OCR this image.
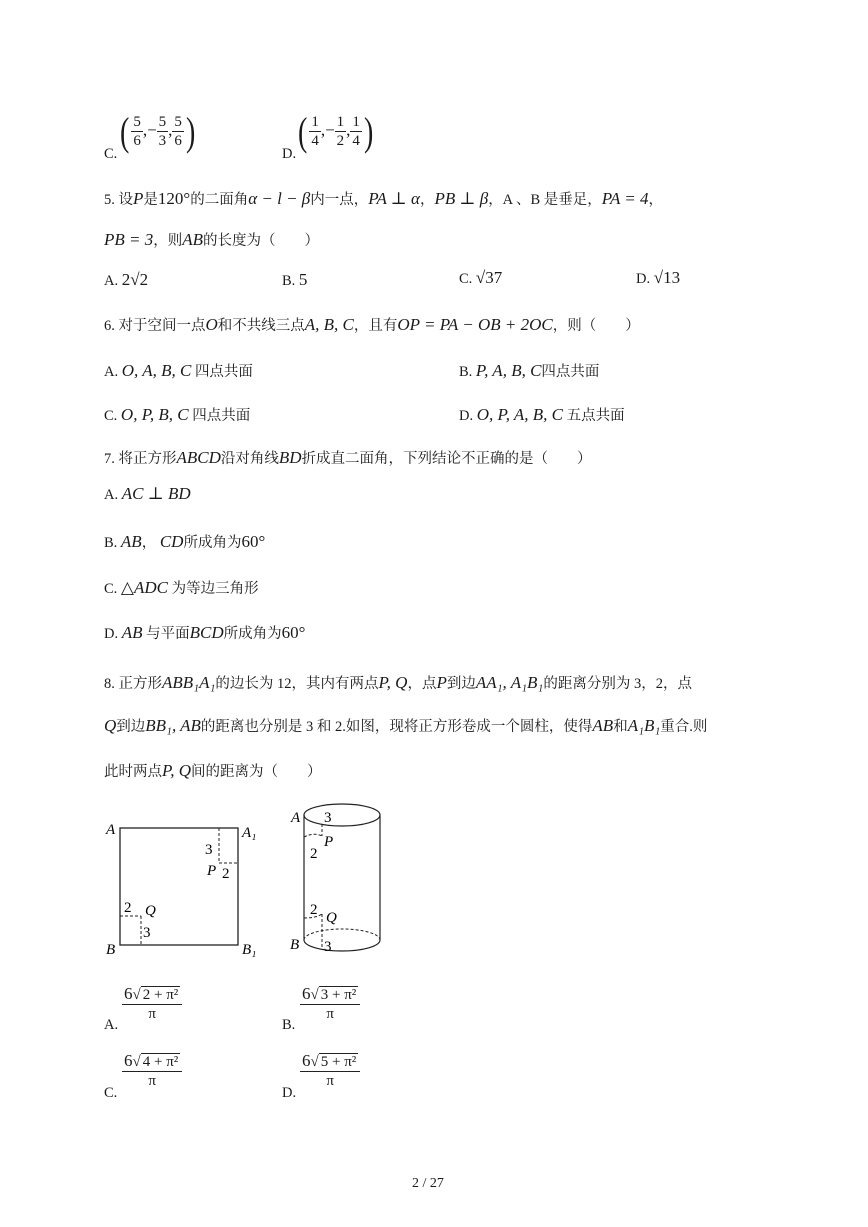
C. ( $\frac{5}{6}$ ,− $\frac{5}{3}$ , $\frac{5}{6}$ )	D. ( $\frac{1}{4}$ ,− $\frac{1}{2}$ , $\frac{1}{4}$ )
5. 设P是120°的二面角α − l − β内一点，PA ⊥ α，PB ⊥ β，A 、B 是垂足，PA = 4，
PB = 3，则AB的长度为（　　）
A. 2√2	B. 5	C. √37	D. √13
6. 对于空间一点O和不共线三点A, B, C，且有OP = PA − OB + 2OC，则（　　）
A. O, A, B, C 四点共面	B. P, A, B, C四点共面
C. O, P, B, C 四点共面	D. O, P, A, B, C 五点共面
7. 将正方形ABCD沿对角线BD折成直二面角，下列结论不正确的是（　　）
A. AC ⊥ BD
B. AB， CD所成角为60°
C. △ADC 为等边三角形
D. AB 与平面BCD所成角为60°
8. 正方形ABB₁A₁的边长为 12，其内有两点P, Q，点P到边AA₁, A₁B₁的距离分别为 3，2，点
Q到边BB₁, AB的距离也分别是 3 和 2.如图，现将正方形卷成一个圆柱，使得AB和A₁B₁重合.则
此时两点P, Q间的距离为（　　）
A	A₁
B	B₁
3
P 2
2 Q
3
A 3
P
2
2 Q
B 3
A.
$\frac{\text{6√ 2 + π²}}{\pi}$
B.
$\frac{\text{6√ 3 + π²}}{\pi}$
C.
$\frac{\text{6√ 4 + π²}}{\pi}$
D.
$\frac{\text{6√ 5 + π²}}{\pi}$
2 / 27
